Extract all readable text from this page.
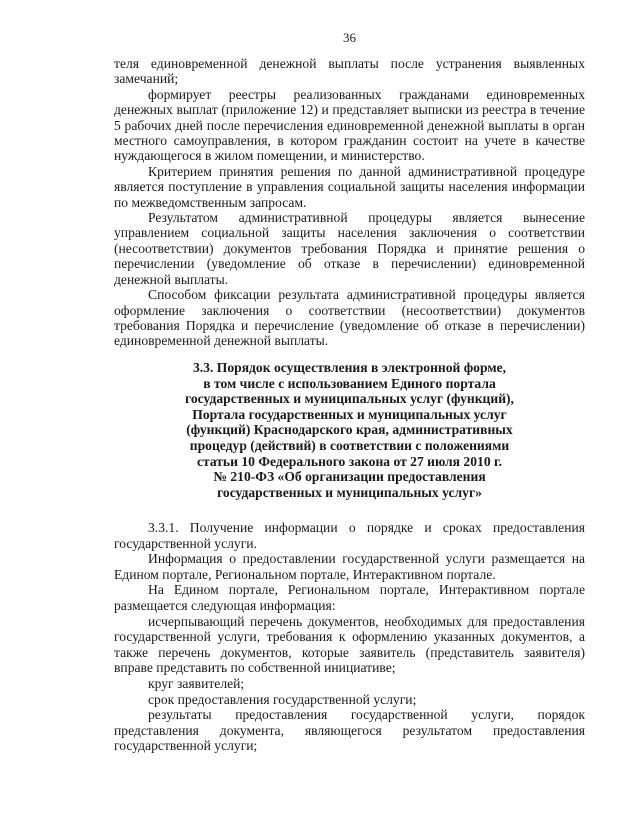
36

теля единовременной денежной выплаты после устранения выявленных замечаний;

формирует реестры реализованных гражданами единовременных денежных выплат (приложение 12) и представляет выписки из реестра в течение 5 рабочих дней после перечисления единовременной денежной выплаты в орган местного самоуправления, в котором гражданин состоит на учете в качестве нуждающегося в жилом помещении, и министерство.

Критерием принятия решения по данной административной процедуре является поступление в управления социальной защиты населения информации по межведомственным запросам.

Результатом административной процедуры является вынесение управлением социальной защиты населения заключения о соответствии (несоответствии) документов требования Порядка и принятие решения о перечислении (уведомление об отказе в перечислении) единовременной денежной выплаты.

Способом фиксации результата административной процедуры является оформление заключения о соответствии (несоответствии) документов требования Порядка и перечисление (уведомление об отказе в перечислении) единовременной денежной выплаты.

3.3. Порядок осуществления в электронной форме,
в том числе с использованием Единого портала
государственных и муниципальных услуг (функций),
Портала государственных и муниципальных услуг
(функций) Краснодарского края, административных
процедур (действий) в соответствии с положениями
статьи 10 Федерального закона от 27 июля 2010 г.
№ 210-ФЗ «Об организации предоставления
государственных и муниципальных услуг»

3.3.1. Получение информации о порядке и сроках предоставления государственной услуги.

Информация о предоставлении государственной услуги размещается на Едином портале, Региональном портале, Интерактивном портале.

На Едином портале, Региональном портале, Интерактивном портале размещается следующая информация:

исчерпывающий перечень документов, необходимых для предоставления государственной услуги, требования к оформлению указанных документов, а также перечень документов, которые заявитель (представитель заявителя) вправе представить по собственной инициативе;

круг заявителей;

срок предоставления государственной услуги;

результаты предоставления государственной услуги, порядок представления документа, являющегося результатом предоставления государственной услуги;
